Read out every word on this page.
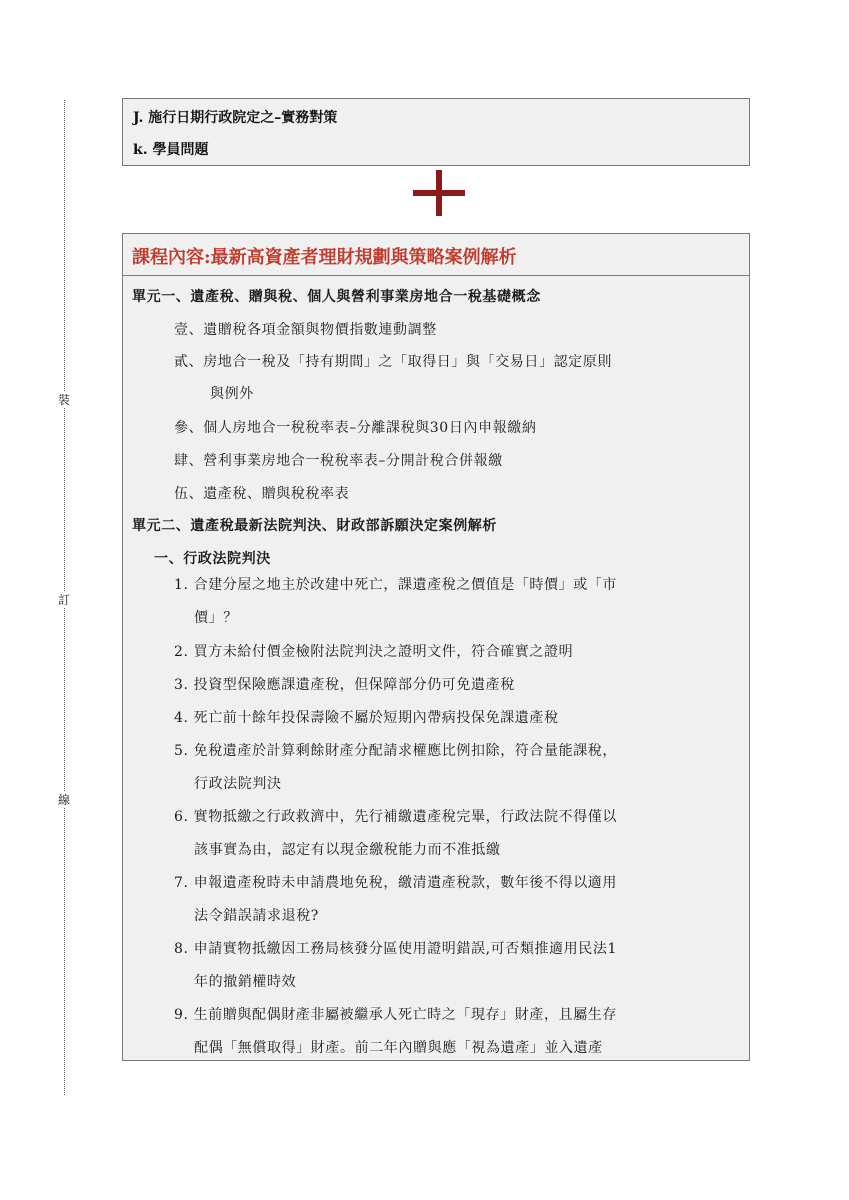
裝
訂
線
J. 施行日期行政院定之–實務對策
k. 學員問題
課程內容:最新高資產者理財規劃與策略案例解析
單元一、遺產稅、贈與稅、個人與營利事業房地合一稅基礎概念
壹、遺贈稅各項金額與物價指數連動調整
貳、房地合一稅及「持有期間」之「取得日」與「交易日」認定原則
與例外
參、個人房地合一稅稅率表–分離課稅與30日內申報繳納
肆、營利事業房地合一稅稅率表–分開計稅合併報繳
伍、遺產稅、贈與稅稅率表
單元二、遺產稅最新法院判決、財政部訴願決定案例解析
一、行政法院判決
1. 合建分屋之地主於改建中死亡，課遺產稅之價值是「時價」或「市
價」？
2. 買方未給付價金檢附法院判決之證明文件，符合確實之證明
3. 投資型保險應課遺產稅，但保障部分仍可免遺產稅
4. 死亡前十餘年投保壽險不屬於短期內帶病投保免課遺產稅
5. 免稅遺產於計算剩餘財產分配請求權應比例扣除，符合量能課稅，
行政法院判決
6. 實物抵繳之行政救濟中，先行補繳遺產稅完畢，行政法院不得僅以
該事實為由，認定有以現金繳稅能力而不准抵繳
7. 申報遺產稅時未申請農地免稅，繳清遺產稅款，數年後不得以適用
法令錯誤請求退稅?
8. 申請實物抵繳因工務局核發分區使用證明錯誤,可否類推適用民法1
年的撤銷權時效
9. 生前贈與配偶財產非屬被繼承人死亡時之「現存」財產，且屬生存
配偶「無償取得」財產。前二年內贈與應「視為遺產」並入遺產
